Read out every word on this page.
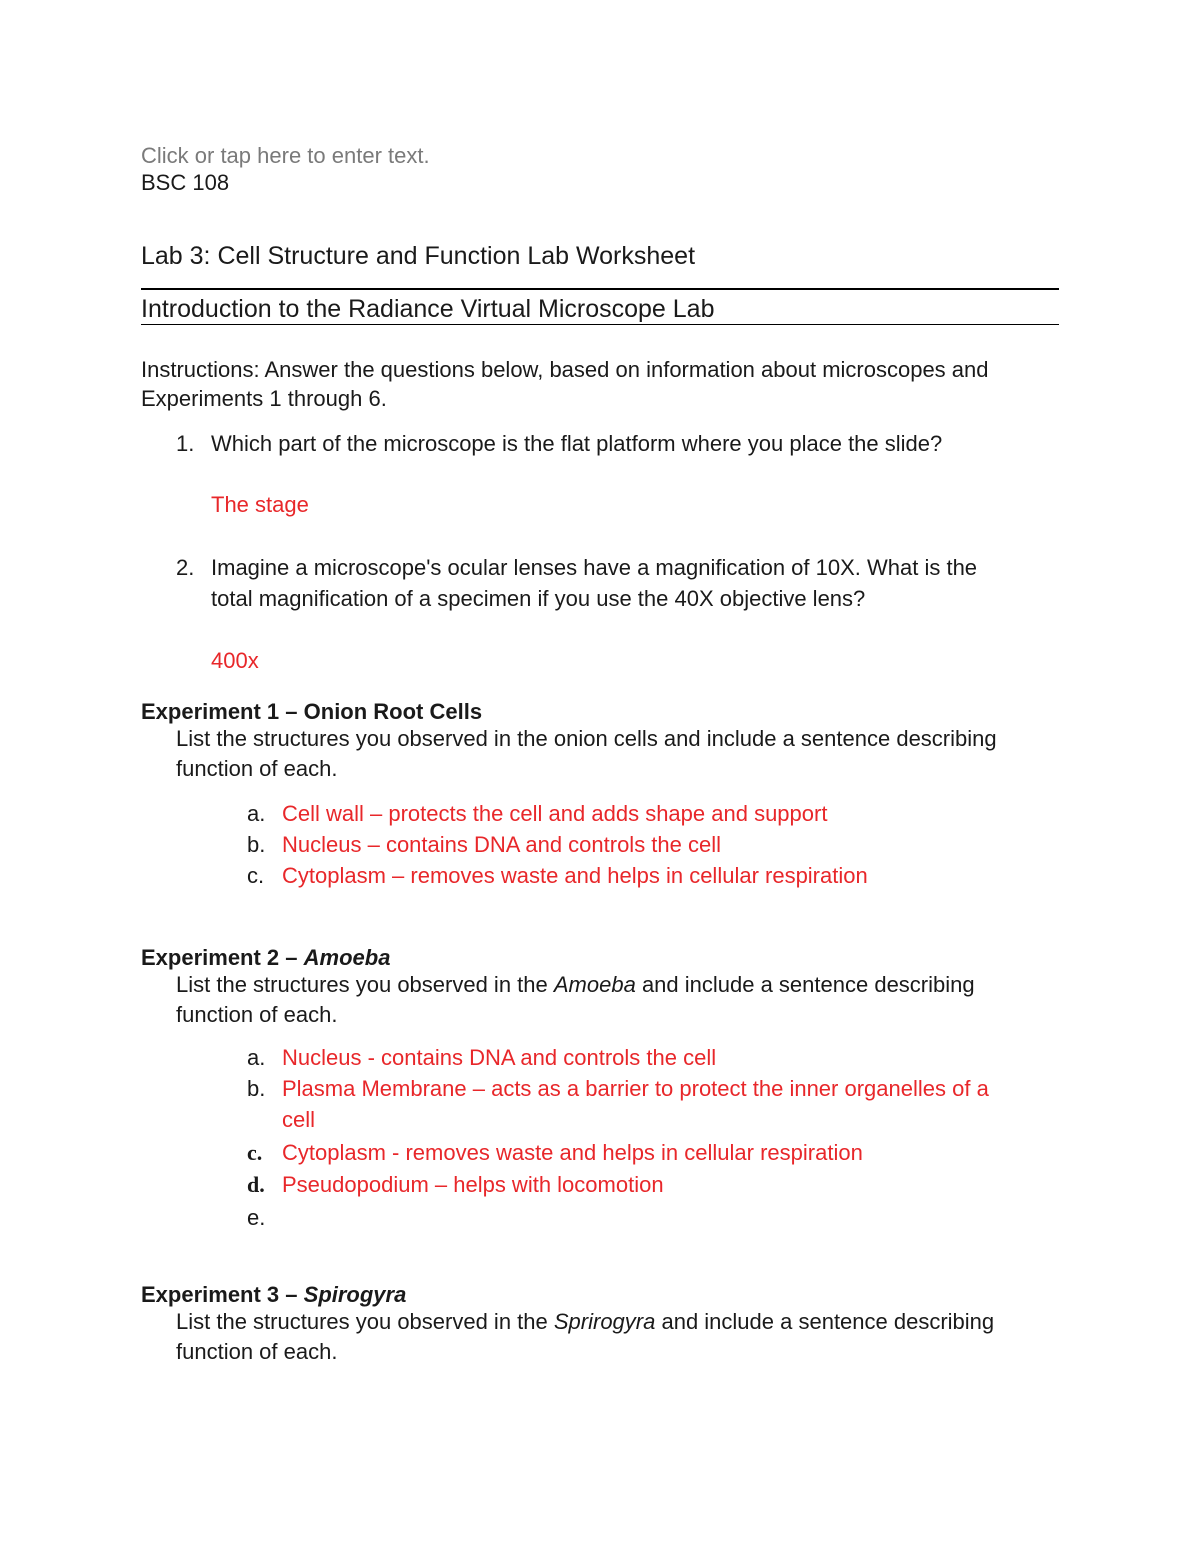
Click or tap here to enter text.
BSC 108
Lab 3: Cell Structure and Function Lab Worksheet
Introduction to the Radiance Virtual Microscope Lab
Instructions: Answer the questions below, based on information about microscopes and
Experiments 1 through 6.
1. Which part of the microscope is the flat platform where you place the slide?
The stage
2. Imagine a microscope's ocular lenses have a magnification of 10X. What is the
total magnification of a specimen if you use the 40X objective lens?
400x
Experiment 1 – Onion Root Cells
List the structures you observed in the onion cells and include a sentence describing
function of each.
a. Cell wall – protects the cell and adds shape and support
b. Nucleus – contains DNA and controls the cell
c. Cytoplasm – removes waste and helps in cellular respiration
Experiment 2 – Amoeba
List the structures you observed in the Amoeba and include a sentence describing
function of each.
a. Nucleus - contains DNA and controls the cell
b. Plasma Membrane – acts as a barrier to protect the inner organelles of a
cell
c. Cytoplasm - removes waste and helps in cellular respiration
d. Pseudopodium – helps with locomotion
e.
Experiment 3 – Spirogyra
List the structures you observed in the Sprirogyra and include a sentence describing
function of each.
